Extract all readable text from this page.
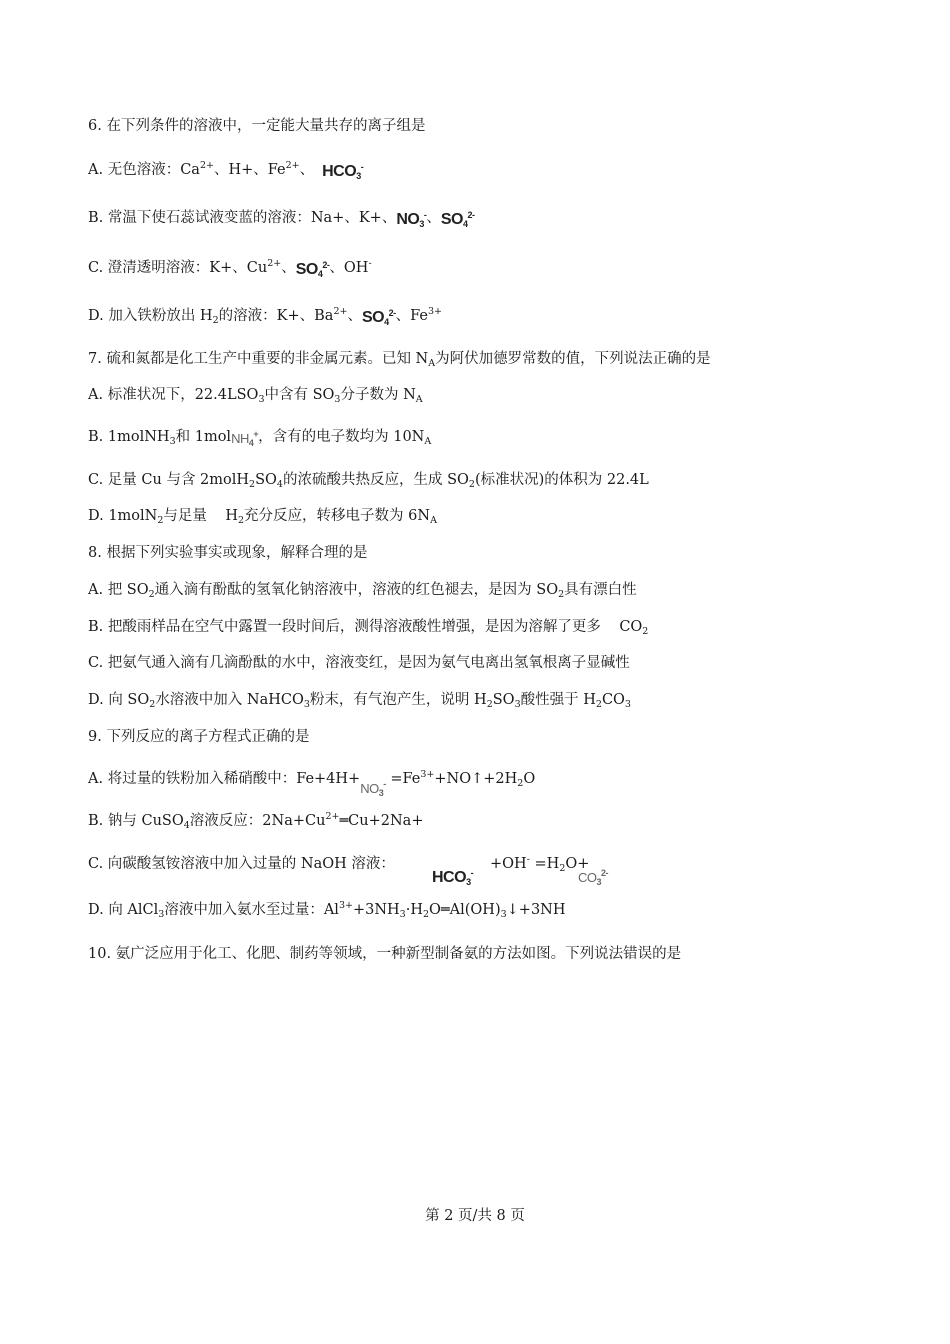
6. 在下列条件的溶液中，一定能大量共存的离子组是
A. 无色溶液：$Ca^{2+}$、H+、$Fe^{2+}$、 $HCO_3^-$
B. 常温下使石蕊试液变蓝的溶液：Na+、K+、$NO_3^-$、$SO_4^{2-}$
C. 澄清透明溶液：K+、$Cu^{2+}$、$SO_4^{2-}$、OH-
D. 加入铁粉放出 $H_2$的溶液：K+、$Ba^{2+}$、$SO_4^{2-}$、$Fe^{3+}$
7. 硫和氮都是化工生产中重要的非金属元素。已知 $N_A$为阿伏加德罗常数的值，下列说法正确的是
A. 标准状况下，$22.4LSO_3$中含有 $SO_3$分子数为 $N_A$
B. 1molNH$_3$和 1molNH$_4$+，含有的电子数均为 $10N_A$
C. 足量 Cu 与含 $2molH_2SO_4$的浓硫酸共热反应，生成 $SO_2$(标准状况)的体积为 22.4L
D. 1molN$_2$与足量    $H_2$充分反应，转移电子数为 $6N_A$
8. 根据下列实验事实或现象，解释合理的是
A. 把 $SO_2$通入滴有酚酞的氢氧化钠溶液中，溶液的红色褪去，是因为 $SO_2$具有漂白性
B. 把酸雨样品在空气中露置一段时间后，测得溶液酸性增强，是因为溶解了更多 $CO_2$
C. 把氨气通入滴有几滴酚酞的水中，溶液变红，是因为氨气电离出氢氧根离子显碱性
D. 向 $SO_2$水溶液中加入 NaHCO$_3$粉末，有气泡产生，说明 $H_2SO_3$酸性强于 $H_2CO_3$
9. 下列反应的离子方程式正确的是
A. 将过量的铁粉加入稀硝酸中：$Fe+4H+NO_3^-$ $=Fe^{3+}+NO↑+2H_2O$
B. 钠与 CuSO$_4$溶液反应：$2Na+Cu^{2+}═Cu+2Na+$
C. 向碳酸氢铵溶液中加入过量的 NaOH 溶液：	$+OH^- =H_2O+$
$HCO_3^-$	$CO_3^{2-}$
D. 向 AlCl$_3$溶液中加入氨水至过量：$Al^{3+}+3NH_3\cdot H_2O═Al(OH)_3↓+3NH$
10. 氨广泛应用于化工、化肥、制药等领域，一种新型制备氨的方法如图。下列说法错误的是
第 2 页/共 8 页
